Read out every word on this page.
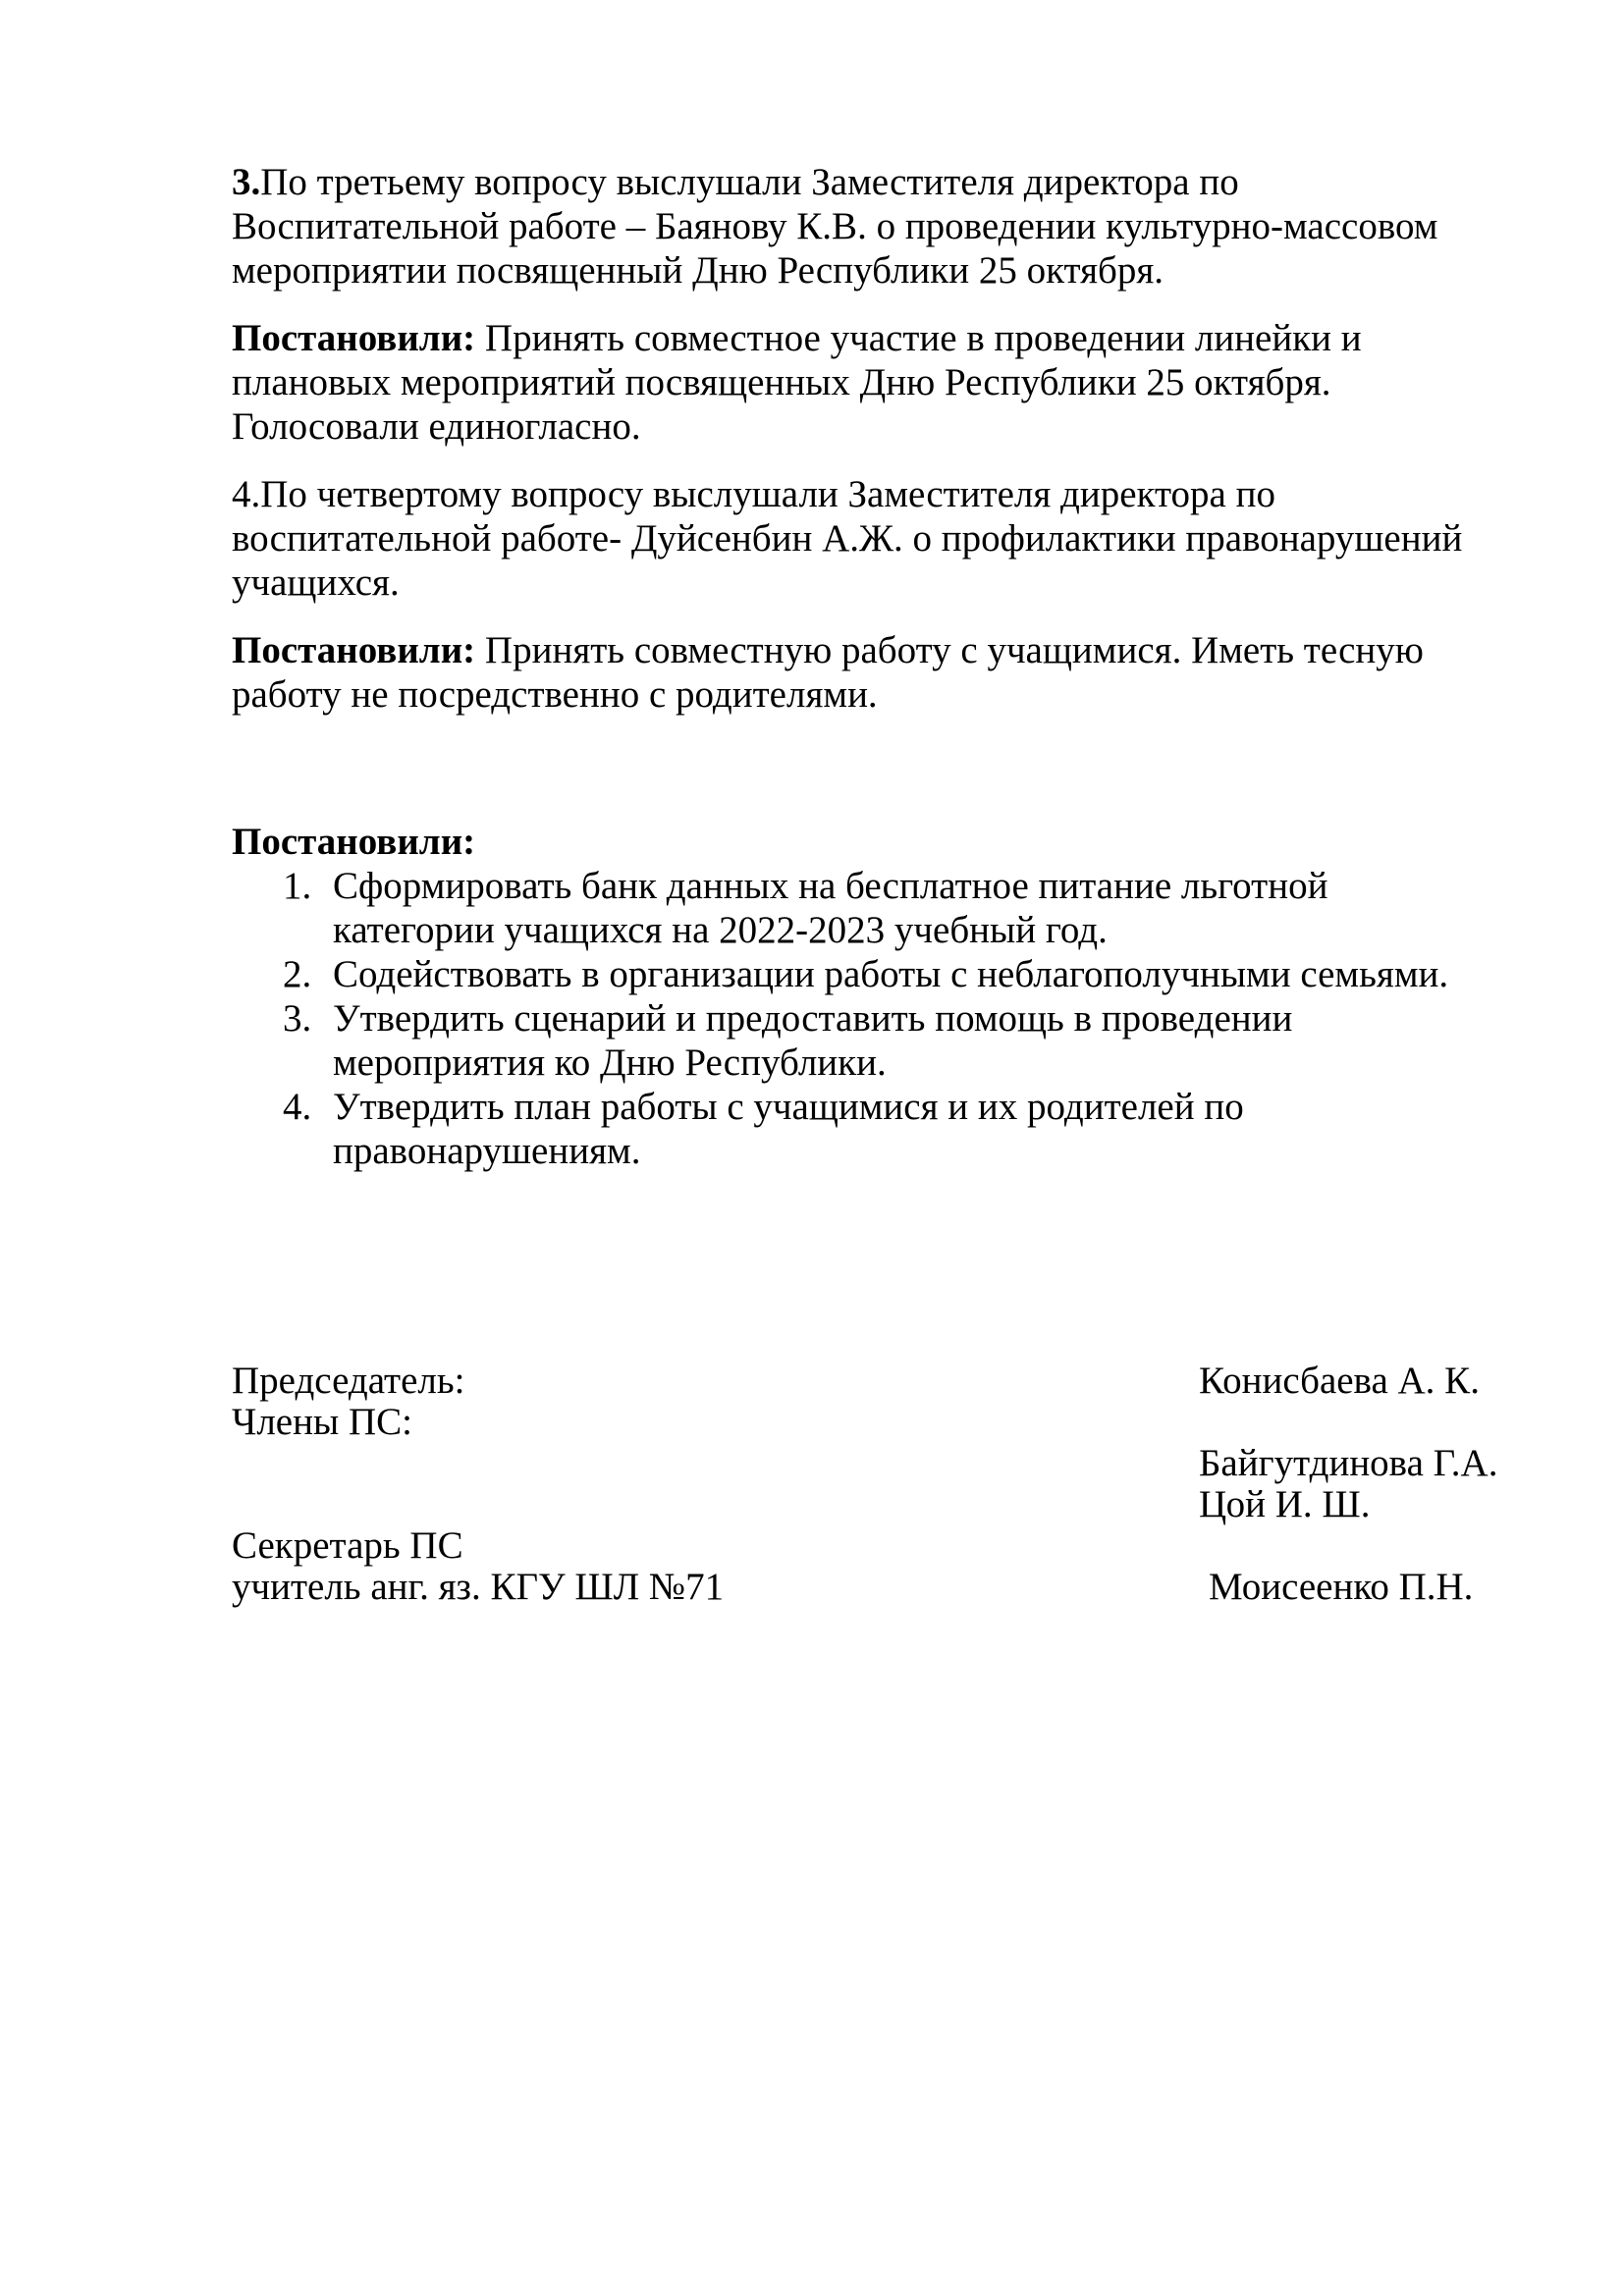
3.По третьему вопросу выслушали Заместителя директора по Воспитательной работе – Баянову К.В. о проведении культурно-массовом мероприятии посвященный Дню Республики 25 октября.

Постановили: Принять совместное участие в проведении линейки и плановых мероприятий посвященных Дню Республики 25 октября. Голосовали единогласно.

4.По четвертому вопросу выслушали Заместителя директора по воспитательной работе- Дуйсенбин А.Ж. о профилактики правонарушений учащихся.

Постановили: Принять совместную работу с учащимися. Иметь тесную работу не посредственно с родителями.

Постановили:

1. Сформировать банк данных на бесплатное питание льготной категории учащихся на 2022-2023 учебный год.
2. Содействовать в организации работы с неблагополучными семьями.
3. Утвердить сценарий и предоставить помощь в проведении мероприятия ко Дню Республики.
4. Утвердить план работы с учащимися и их родителей по правонарушениям.
Председатель:	Конисбаева А. К.
Члены ПС:
Байгутдинова Г.А.
Цой И. Ш.
Секретарь ПС
учитель анг. яз. КГУ ШЛ №71	Моисеенко П.Н.
